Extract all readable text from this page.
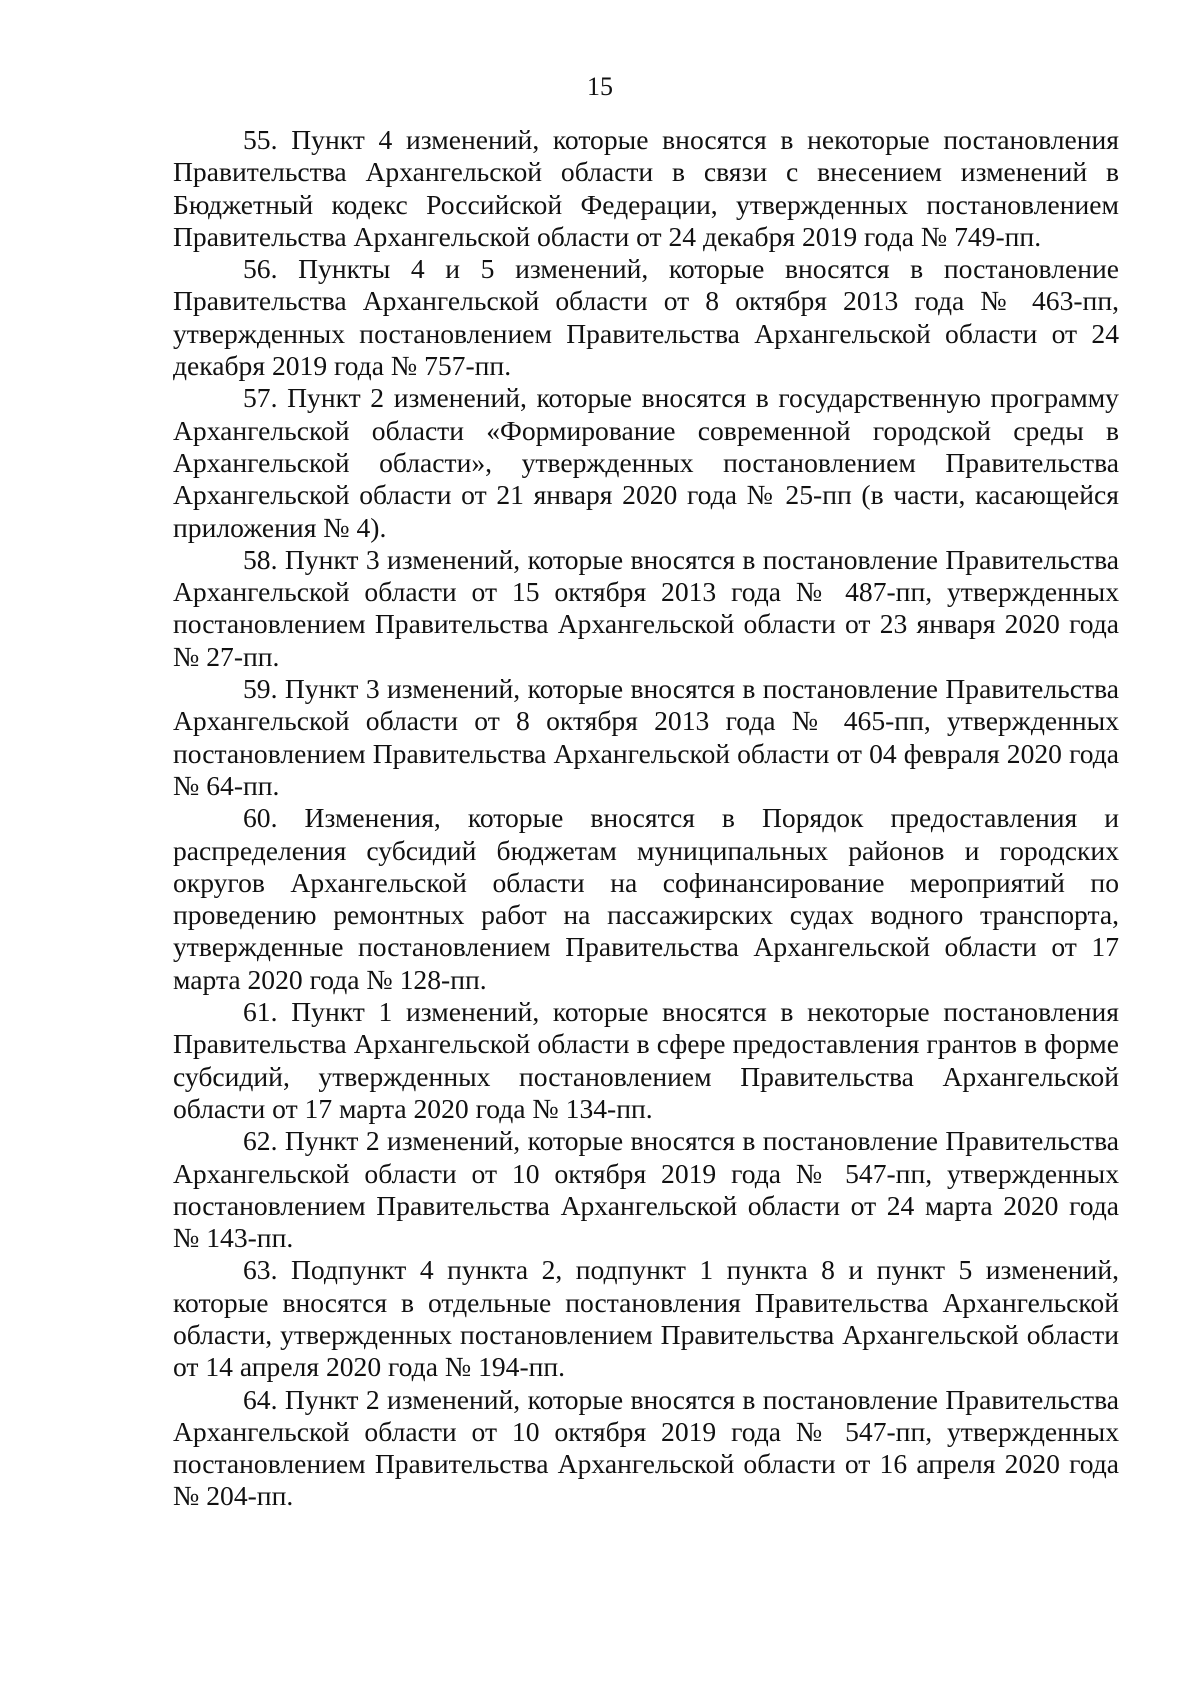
15

55. Пункт 4 изменений, которые вносятся в некоторые постановления Правительства Архангельской области в связи с внесением изменений в Бюджетный кодекс Российской Федерации, утвержденных постановлением Правительства Архангельской области от 24 декабря 2019 года № 749-пп.

56. Пункты 4 и 5 изменений, которые вносятся в постановление Правительства Архангельской области от 8 октября 2013 года № 463-пп, утвержденных постановлением Правительства Архангельской области от 24 декабря 2019 года № 757-пп.

57. Пункт 2 изменений, которые вносятся в государственную программу Архангельской области «Формирование современной городской среды в Архангельской области», утвержденных постановлением Правительства Архангельской области от 21 января 2020 года № 25-пп (в части, касающейся приложения № 4).

58. Пункт 3 изменений, которые вносятся в постановление Правительства Архангельской области от 15 октября 2013 года № 487-пп, утвержденных постановлением Правительства Архангельской области от 23 января 2020 года № 27-пп.

59. Пункт 3 изменений, которые вносятся в постановление Правительства Архангельской области от 8 октября 2013 года № 465-пп, утвержденных постановлением Правительства Архангельской области от 04 февраля 2020 года № 64-пп.

60. Изменения, которые вносятся в Порядок предоставления и распределения субсидий бюджетам муниципальных районов и городских округов Архангельской области на софинансирование мероприятий по проведению ремонтных работ на пассажирских судах водного транспорта, утвержденные постановлением Правительства Архангельской области от 17 марта 2020 года № 128-пп.

61. Пункт 1 изменений, которые вносятся в некоторые постановления Правительства Архангельской области в сфере предоставления грантов в форме субсидий, утвержденных постановлением Правительства Архангельской области от 17 марта 2020 года № 134-пп.

62. Пункт 2 изменений, которые вносятся в постановление Правительства Архангельской области от 10 октября 2019 года № 547-пп, утвержденных постановлением Правительства Архангельской области от 24 марта 2020 года № 143-пп.

63. Подпункт 4 пункта 2, подпункт 1 пункта 8 и пункт 5 изменений, которые вносятся в отдельные постановления Правительства Архангельской области, утвержденных постановлением Правительства Архангельской области от 14 апреля 2020 года № 194-пп.

64. Пункт 2 изменений, которые вносятся в постановление Правительства Архангельской области от 10 октября 2019 года № 547-пп, утвержденных постановлением Правительства Архангельской области от 16 апреля 2020 года № 204-пп.
